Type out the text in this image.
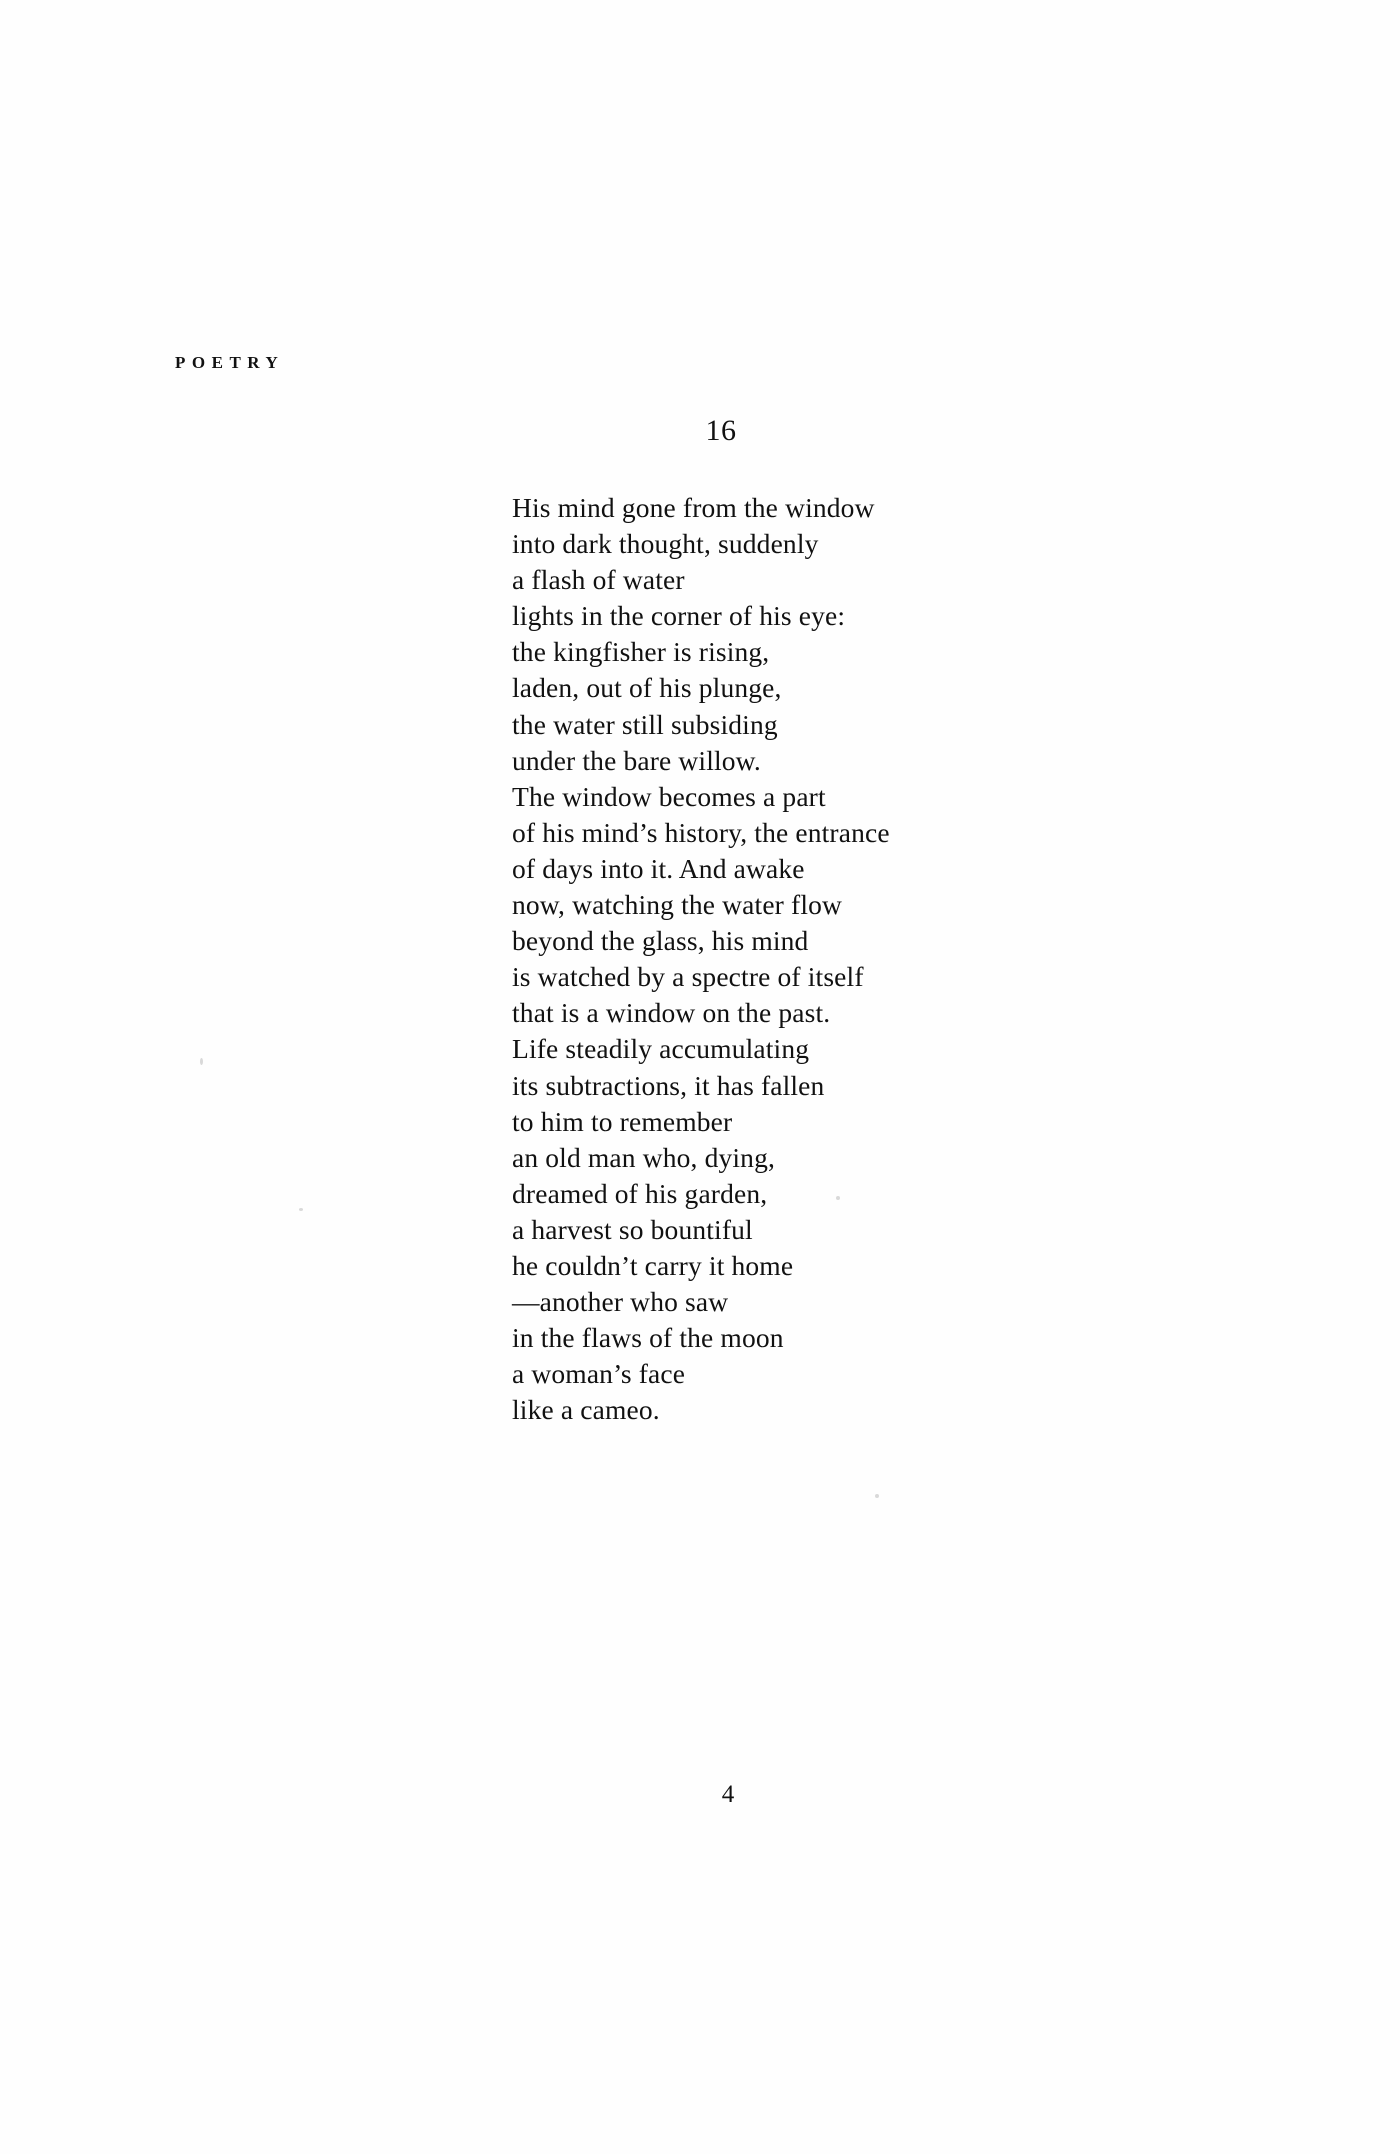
POETRY
16
His mind gone from the window
into dark thought, suddenly
a flash of water
lights in the corner of his eye:
the kingfisher is rising,
laden, out of his plunge,
the water still subsiding
under the bare willow.
The window becomes a part
of his mind’s history, the entrance
of days into it. And awake
now, watching the water flow
beyond the glass, his mind
is watched by a spectre of itself
that is a window on the past.
Life steadily accumulating
its subtractions, it has fallen
to him to remember
an old man who, dying,
dreamed of his garden,
a harvest so bountiful
he couldn’t carry it home
—another who saw
in the flaws of the moon
a woman’s face
like a cameo.
4
